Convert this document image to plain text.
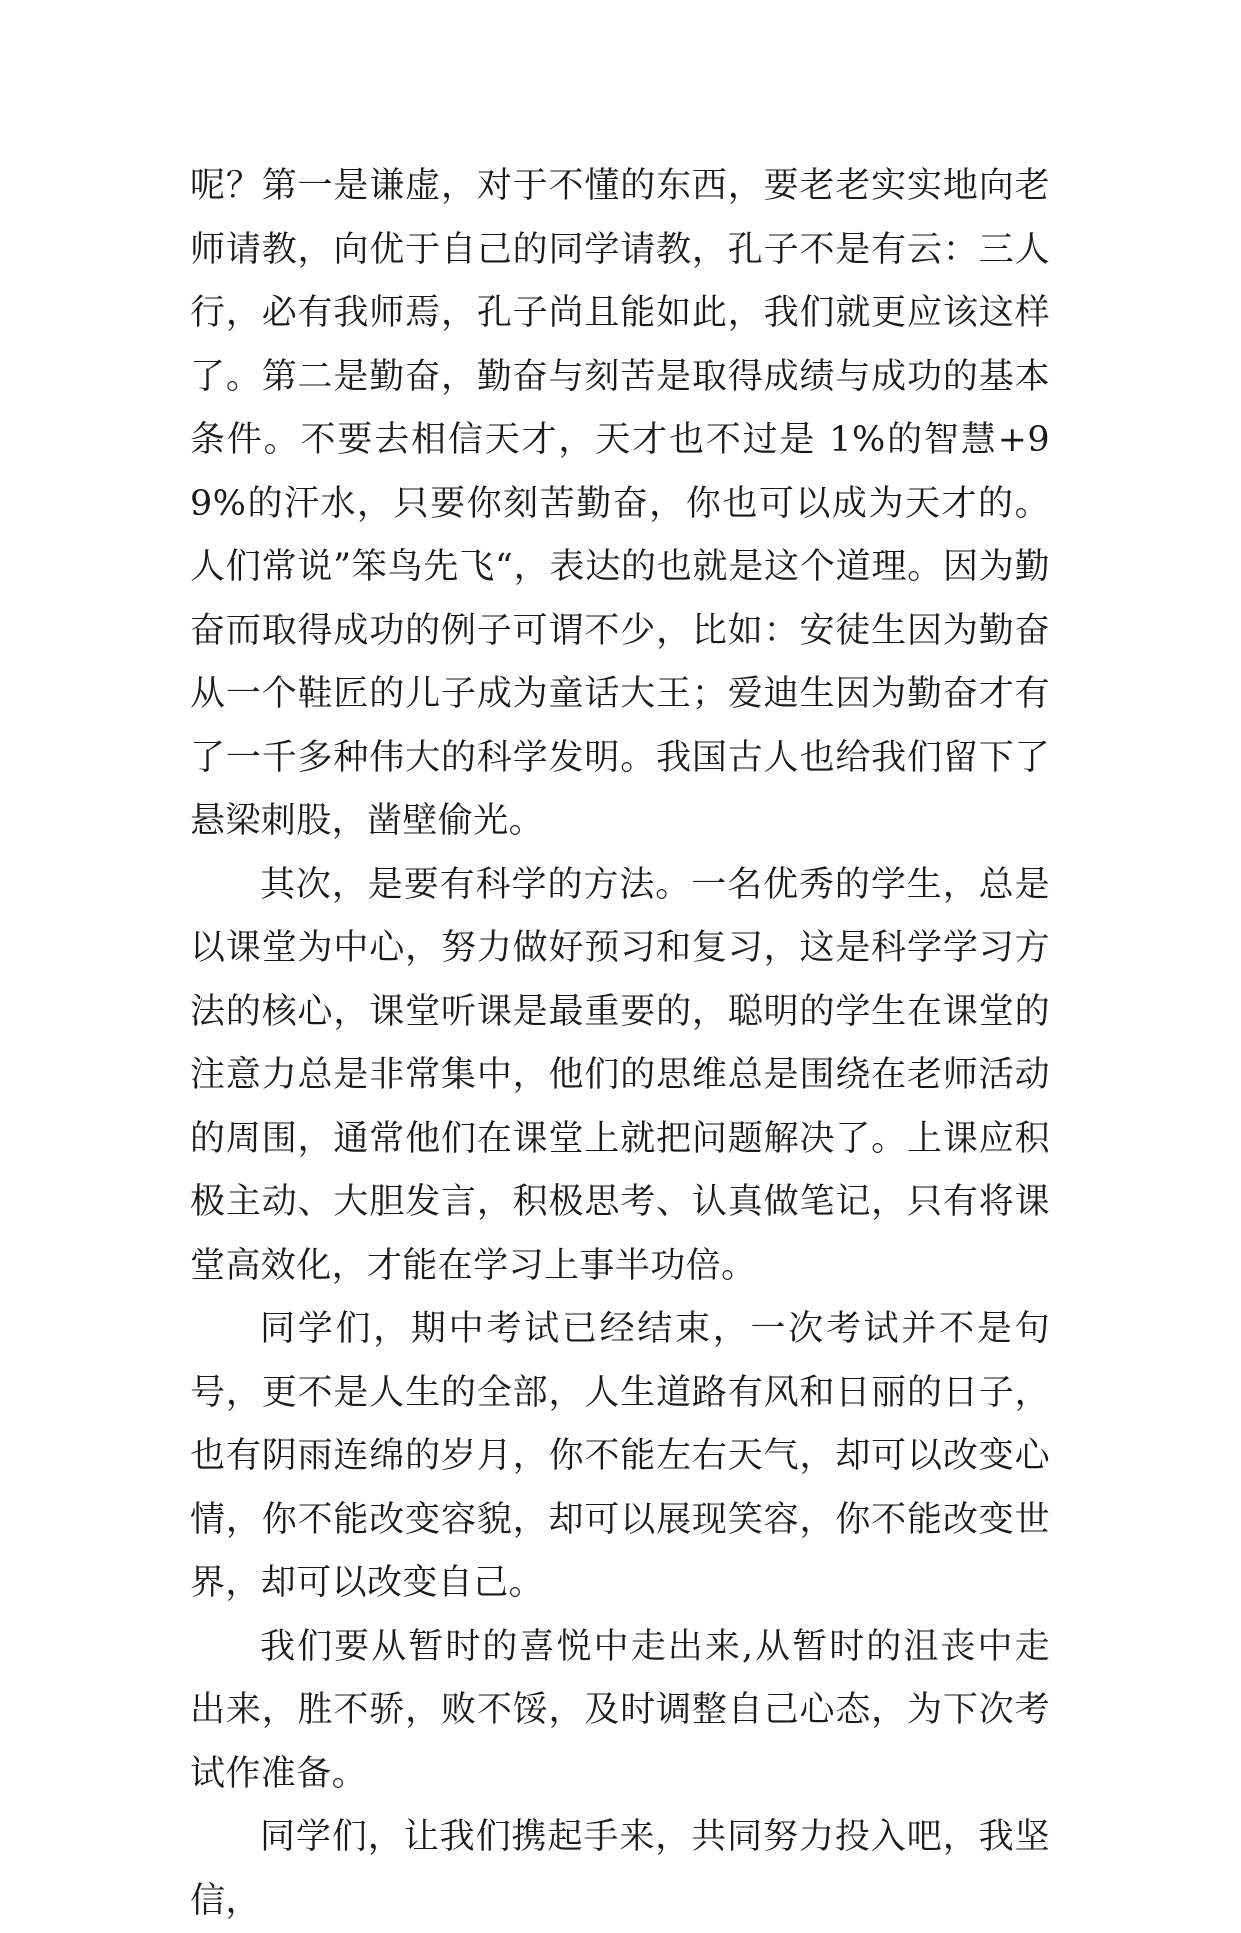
呢？第一是谦虚，对于不懂的东西，要老老实实地向老师请教，向优于自己的同学请教，孔子不是有云：三人行，必有我师焉，孔子尚且能如此，我们就更应该这样了。第二是勤奋，勤奋与刻苦是取得成绩与成功的基本条件。不要去相信天才，天才也不过是 1%的智慧+99%的汗水，只要你刻苦勤奋，你也可以成为天才的。人们常说”笨鸟先飞“，表达的也就是这个道理。因为勤奋而取得成功的例子可谓不少，比如：安徒生因为勤奋从一个鞋匠的儿子成为童话大王；爱迪生因为勤奋才有了一千多种伟大的科学发明。我国古人也给我们留下了悬梁刺股，凿壁偷光。

其次，是要有科学的方法。一名优秀的学生，总是以课堂为中心，努力做好预习和复习，这是科学学习方法的核心，课堂听课是最重要的，聪明的学生在课堂的注意力总是非常集中，他们的思维总是围绕在老师活动的周围，通常他们在课堂上就把问题解决了。上课应积极主动、大胆发言，积极思考、认真做笔记，只有将课堂高效化，才能在学习上事半功倍。

同学们，期中考试已经结束，一次考试并不是句号，更不是人生的全部，人生道路有风和日丽的日子，也有阴雨连绵的岁月，你不能左右天气，却可以改变心情，你不能改变容貌，却可以展现笑容，你不能改变世界，却可以改变自己。

我们要从暂时的喜悦中走出来,从暂时的沮丧中走出来，胜不骄，败不馁，及时调整自己心态，为下次考试作准备。

同学们，让我们携起手来，共同努力投入吧，我坚信，
